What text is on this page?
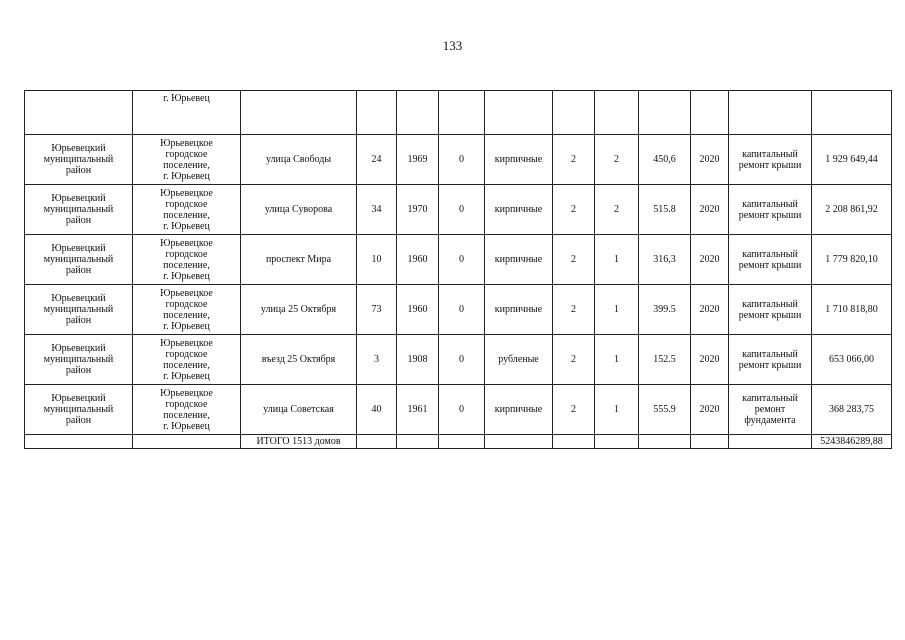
133
	г. Юрьевец											
Юрьевецкий
муниципальный
район	Юрьевецкое
городское
поселение,
г. Юрьевец	улица Свободы	24	1969	0	кирпичные	2	2	450,6	2020	капитальный
ремонт крыши	1 929 649,44
Юрьевецкий
муниципальный
район	Юрьевецкое
городское
поселение,
г. Юрьевец	улица Суворова	34	1970	0	кирпичные	2	2	515.8	2020	капитальный
ремонт крыши	2 208 861,92
Юрьевецкий
муниципальный
район	Юрьевецкое
городское
поселение,
г. Юрьевец	проспект Мира	10	1960	0	кирпичные	2	1	316,3	2020	капитальный
ремонт крыши	1 779 820,10
Юрьевецкий
муниципальный
район	Юрьевецкое
городское
поселение,
г. Юрьевец	улица 25 Октября	73	1960	0	кирпичные	2	1	399.5	2020	капитальный
ремонт крыши	1 710 818,80
Юрьевецкий
муниципальный
район	Юрьевецкое
городское
поселение,
г. Юрьевец	въезд 25 Октября	3	1908	0	рубленые	2	1	152.5	2020	капитальный
ремонт крыши	653 066,00
Юрьевецкий
муниципальный
район	Юрьевецкое
городское
поселение,
г. Юрьевец	улица Советская	40	1961	0	кирпичные	2	1	555.9	2020	капитальный
ремонт
фундамента	368 283,75
		ИТОГО 1513 домов										5243846289,88
